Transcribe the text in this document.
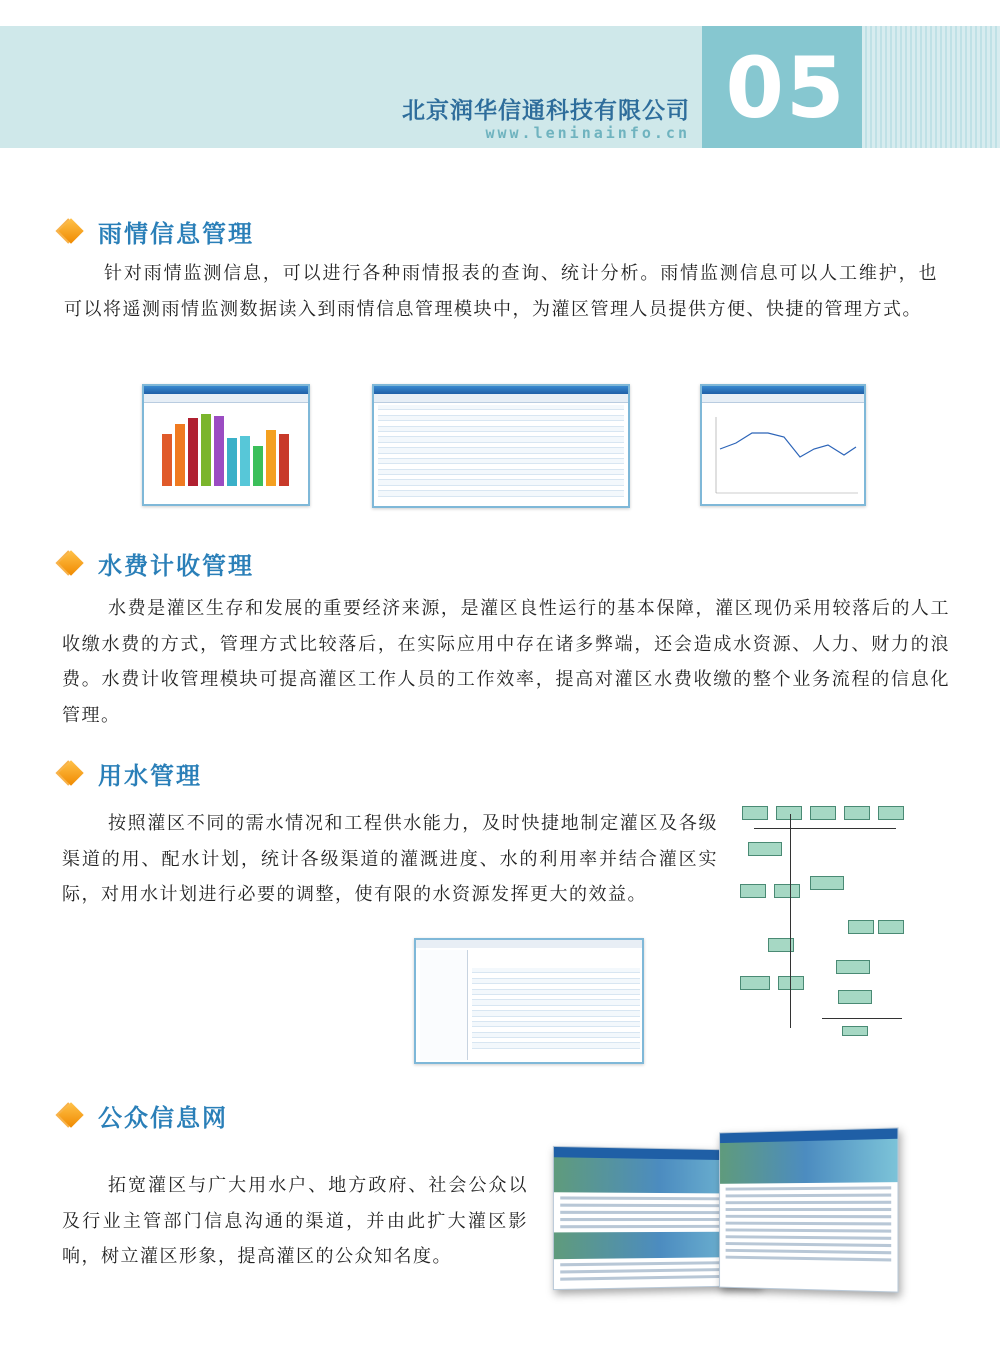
05
北京润华信通科技有限公司
www.leninainfo.cn
雨情信息管理

针对雨情监测信息，可以进行各种雨情报表的查询、统计分析。雨情监测信息可以人工维护，也可以将遥测雨情监测数据读入到雨情信息管理模块中，为灌区管理人员提供方便、快捷的管理方式。

水费计收管理

水费是灌区生存和发展的重要经济来源，是灌区良性运行的基本保障，灌区现仍采用较落后的人工收缴水费的方式，管理方式比较落后，在实际应用中存在诸多弊端，还会造成水资源、人力、财力的浪费。水费计收管理模块可提高灌区工作人员的工作效率，提高对灌区水费收缴的整个业务流程的信息化管理。

用水管理

按照灌区不同的需水情况和工程供水能力，及时快捷地制定灌区及各级渠道的用、配水计划，统计各级渠道的灌溉进度、水的利用率并结合灌区实际，对用水计划进行必要的调整，使有限的水资源发挥更大的效益。

公众信息网

拓宽灌区与广大用水户、地方政府、社会公众以及行业主管部门信息沟通的渠道，并由此扩大灌区影响，树立灌区形象，提高灌区的公众知名度。
